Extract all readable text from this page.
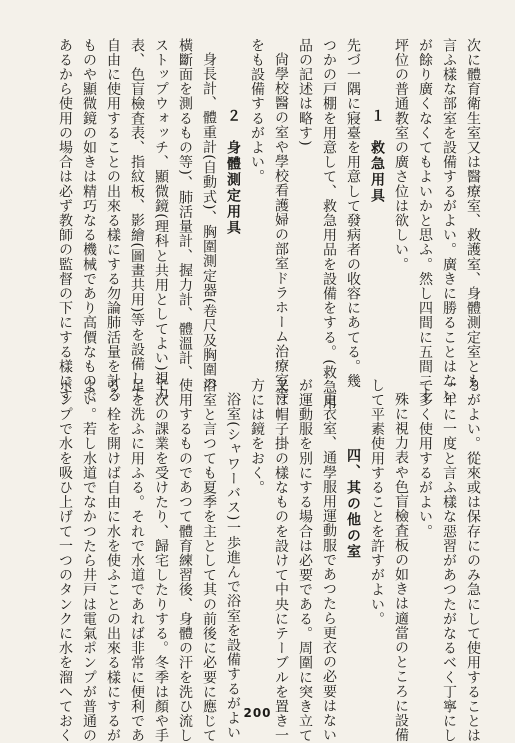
次に體育衛生室又は醫療室、救護室、身體測定室とも
言ふ樣な部室を設備するがよい。廣きに勝ることはない
が餘り廣くなくてもよいかと思ふ。然し四間に五間二十
坪位の普通教室の廣さ位は欲しい。
１　救急用具
先づ一隅に寢臺を用意して發病者の收容にあてる。幾
つかの戸棚を用意して、救急用品を設備をする。(救急用
品の記述は略す)
尙學校醫の室や學校看護婦の部室ドラホーム治療室等
をも設備するがよい。
２　身體測定用具
身長計、體重計(自動式)、胸圍測定器(卷尺及胸圍の
橫斷面を測るもの等)、肺活量計、握力計、體溫計、
ストップウォッチ、顯微鏡(理科と共用としてよい)視力
表、色盲檢査表、指紋板、影繪(圖畫共用)等を設備して
自由に使用することの出來る樣にする勿論肺活量を計る
ものや顯微鏡の如きは精巧なる機械であり高價なもので
あるから使用の場合は必ず教師の監督の下にする樣にす
るがよい。從來或は保存にのみ急にして使用することは
一年に一度と言ふ樣な惡習があつたがなるべく丁寧にし
て多く使用するがよい。
殊に視力表や色盲檢査板の如きは適當のところに設備
して平素使用することを許すがよい。
四、其の他の室
更衣室、通學服用運動服であつたら更衣の必要はない
が運動服を別にする場合は必要である。周圍に突き立て
又は帽子掛の樣なものを設けて中央にテーブルを置き一
方には鏡をおく。
浴室(シャワーバス)一歩進んで浴室を設備するがよい
浴室と言つても夏季を主として其の前後に必要に應じて
使用するものであつて體育練習後、身體の汗を洗ひ流し
て次の課業を受けたり、歸宅したりする。冬季は顏や手
足を洗ふに用ふる。それで水道であれば非常に便利であ
る。栓を開けば自由に水を使ふことの出來る樣にするが
よい。若し水道でなかつたら井戸は電氣ポンプが普通の
ポンプで水を吸ひ上げて一つのタンクに水を溜へておく	200
